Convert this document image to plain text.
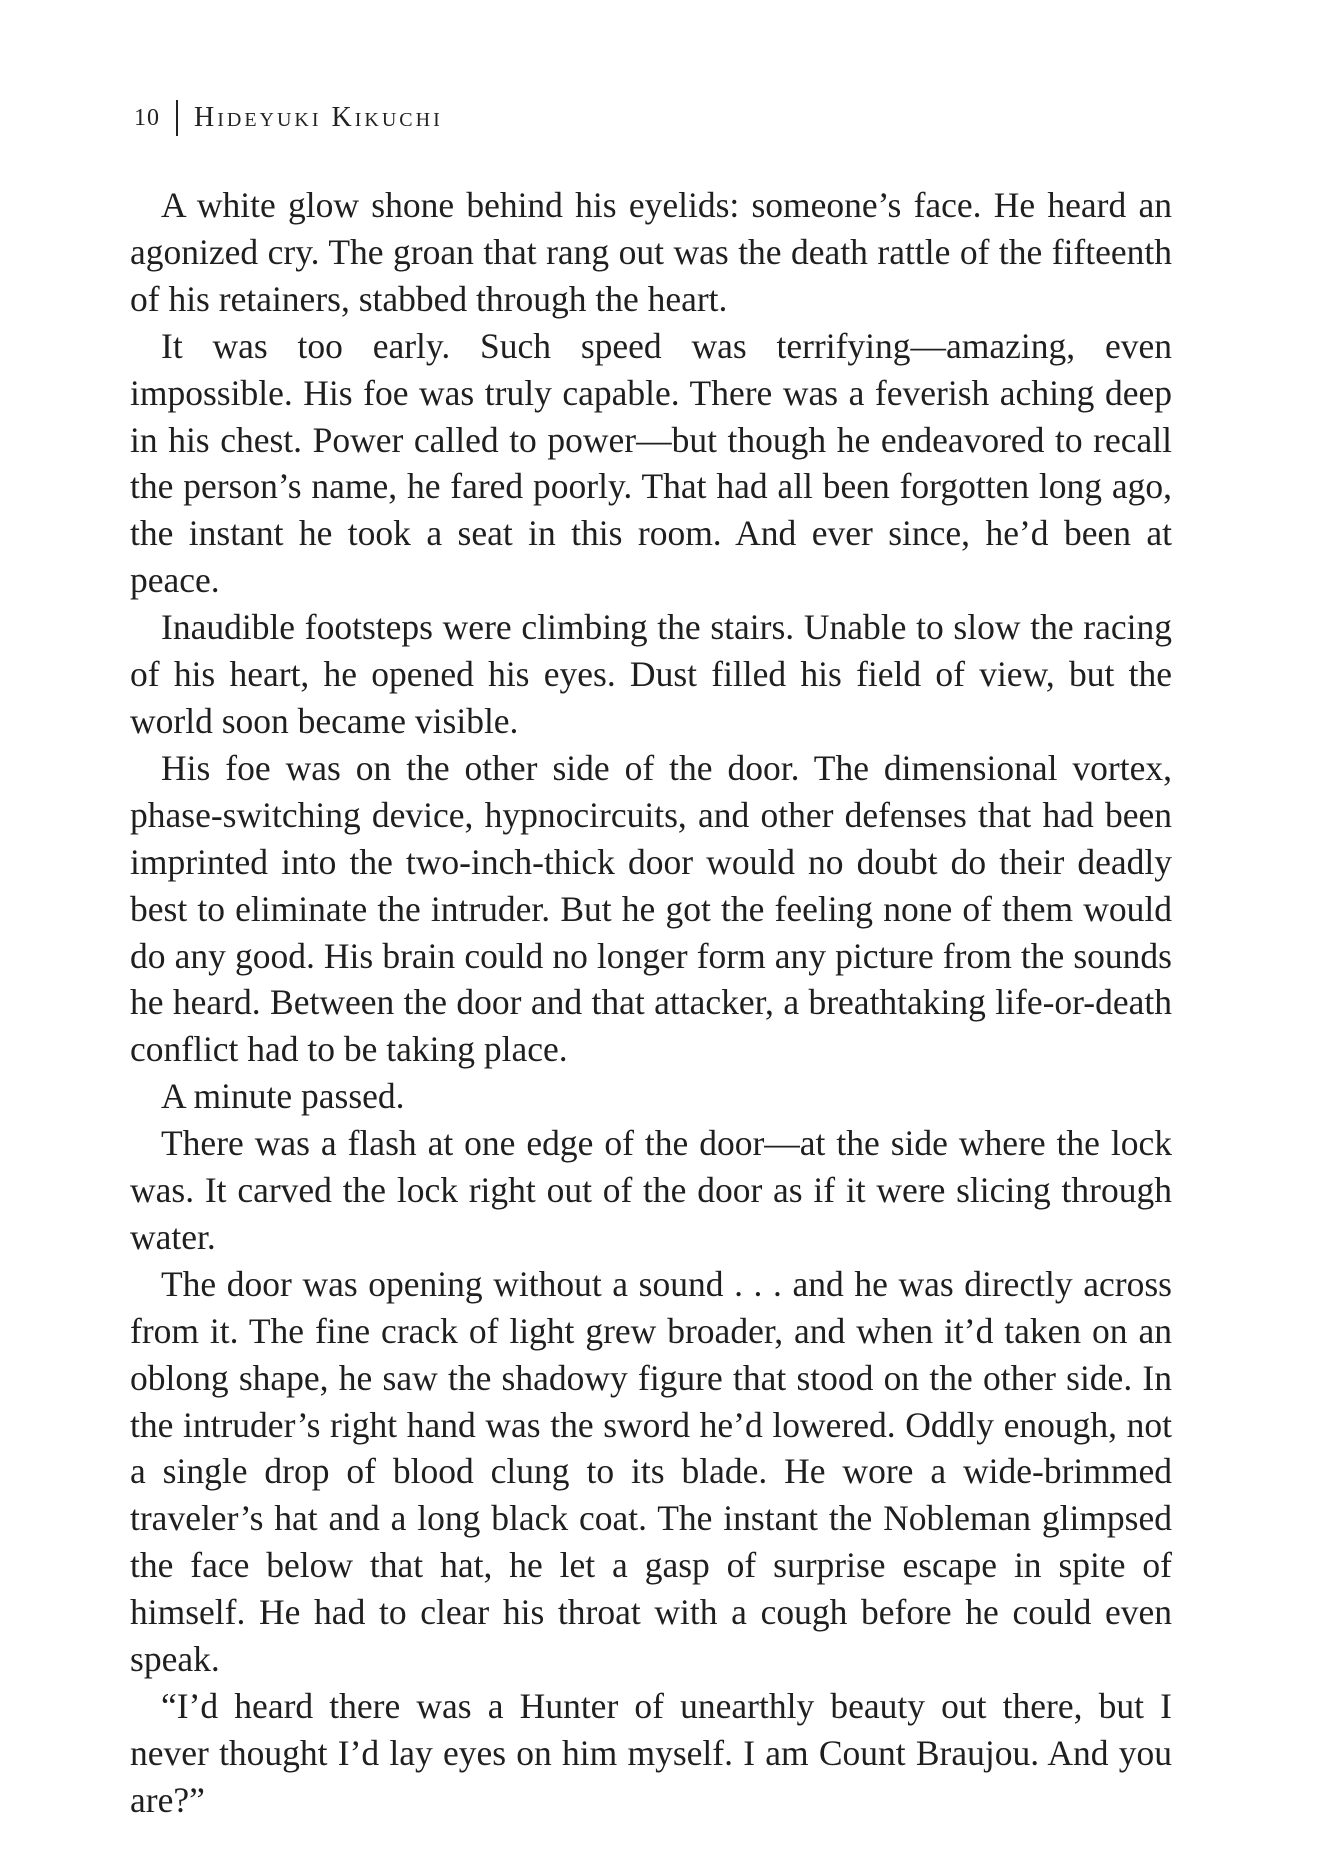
10 Hideyuki Kikuchi

A white glow shone behind his eyelids: someone’s face. He heard an agonized cry. The groan that rang out was the death rattle of the fifteenth of his retainers, stabbed through the heart.

It was too early. Such speed was terrifying—amazing, even impossible. His foe was truly capable. There was a feverish aching deep in his chest. Power called to power—but though he endeavored to recall the person’s name, he fared poorly. That had all been forgotten long ago, the instant he took a seat in this room. And ever since, he’d been at peace.

Inaudible footsteps were climbing the stairs. Unable to slow the racing of his heart, he opened his eyes. Dust filled his field of view, but the world soon became visible.

His foe was on the other side of the door. The dimensional vortex, phase-switching device, hypnocircuits, and other defenses that had been imprinted into the two-inch-thick door would no doubt do their deadly best to eliminate the intruder. But he got the feeling none of them would do any good. His brain could no longer form any picture from the sounds he heard. Between the door and that attacker, a breathtaking life-or-death conflict had to be taking place.

A minute passed.

There was a flash at one edge of the door—at the side where the lock was. It carved the lock right out of the door as if it were slicing through water.

The door was opening without a sound . . . and he was directly across from it. The fine crack of light grew broader, and when it’d taken on an oblong shape, he saw the shadowy figure that stood on the other side. In the intruder’s right hand was the sword he’d lowered. Oddly enough, not a single drop of blood clung to its blade. He wore a wide-brimmed traveler’s hat and a long black coat. The instant the Nobleman glimpsed the face below that hat, he let a gasp of surprise escape in spite of himself. He had to clear his throat with a cough before he could even speak.

“I’d heard there was a Hunter of unearthly beauty out there, but I never thought I’d lay eyes on him myself. I am Count Braujou. And you are?”
